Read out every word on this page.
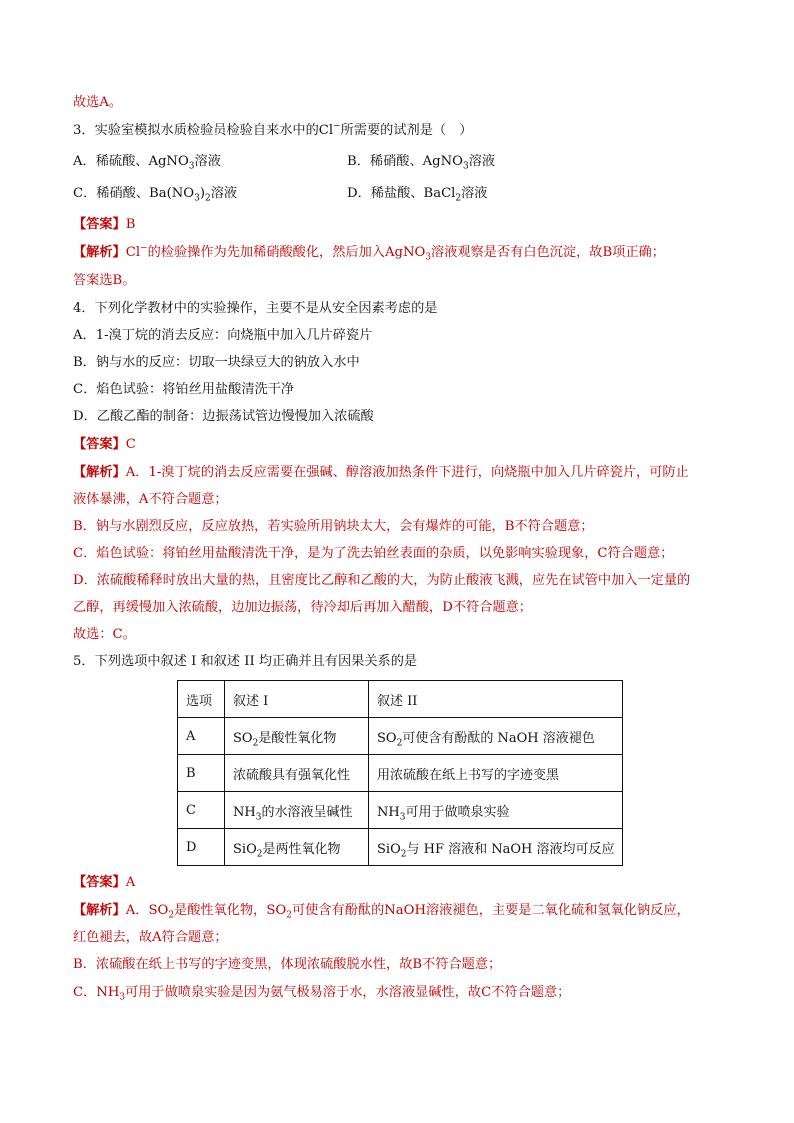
故选A。
3．实验室模拟水质检验员检验自来水中的Cl−所需要的试剂是（　）
A．稀硫酸、AgNO$_3$溶液	B．稀硝酸、AgNO$_3$溶液
C．稀硝酸、$Ba(NO_3)_2$溶液	D．稀盐酸、BaCl$_2$溶液
【答案】B
【解析】Cl−的检验操作为先加稀硝酸酸化，然后加入AgNO$_3$溶液观察是否有白色沉淀，故B项正确；
答案选B。
4．下列化学教材中的实验操作，主要不是从安全因素考虑的是
A．1-溴丁烷的消去反应：向烧瓶中加入几片碎瓷片
B．钠与水的反应：切取一块绿豆大的钠放入水中
C．焰色试验：将铂丝用盐酸清洗干净
D．乙酸乙酯的制备：边振荡试管边慢慢加入浓硫酸
【答案】C
【解析】A．1-溴丁烷的消去反应需要在强碱、醇溶液加热条件下进行，向烧瓶中加入几片碎瓷片，可防止
液体暴沸，A不符合题意；
B．钠与水剧烈反应，反应放热，若实验所用钠块太大，会有爆炸的可能，B不符合题意；
C．焰色试验：将铂丝用盐酸清洗干净，是为了洗去铂丝表面的杂质，以免影响实验现象，C符合题意；
D．浓硫酸稀释时放出大量的热，且密度比乙醇和乙酸的大，为防止酸液飞溅，应先在试管中加入一定量的
乙醇，再缓慢加入浓硫酸，边加边振荡，待冷却后再加入醋酸，D不符合题意；
故选：C。
5．下列选项中叙述 I 和叙述 II 均正确并且有因果关系的是
选项	叙述 I	叙述 II
A	$SO_2$是酸性氧化物	$SO_2$可使含有酚酞的 NaOH 溶液褪色
B	浓硫酸具有强氧化性	用浓硫酸在纸上书写的字迹变黑
C	$NH_3$的水溶液呈碱性	$NH_3$可用于做喷泉实验
D	SiO$_2$是两性氧化物	SiO$_2$与 HF 溶液和 NaOH 溶液均可反应
【答案】A
【解析】A．$SO_2$是酸性氧化物，$SO_2$可使含有酚酞的NaOH溶液褪色，主要是二氧化硫和氢氧化钠反应，
红色褪去，故A符合题意；
B．浓硫酸在纸上书写的字迹变黑，体现浓硫酸脱水性，故B不符合题意；
C．$NH_3$可用于做喷泉实验是因为氨气极易溶于水，水溶液显碱性，故C不符合题意；
